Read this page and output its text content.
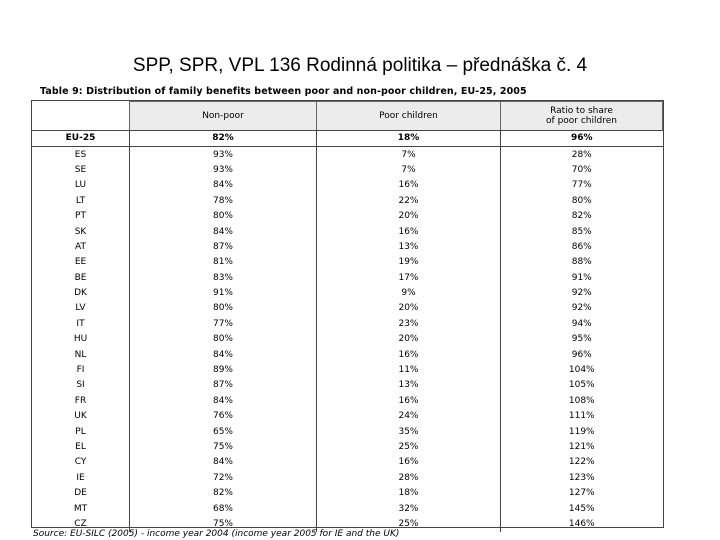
SPP, SPR, VPL 136 Rodinná politika – přednáška č. 4
Table 9: Distribution of family benefits between poor and non-poor children, EU-25, 2005
	Non-poor	Poor children	Ratio to share
of poor children
EU-25	82%	18%	96%
ES	93%	7%	28%
SE	93%	7%	70%
LU	84%	16%	77%
LT	78%	22%	80%
PT	80%	20%	82%
SK	84%	16%	85%
AT	87%	13%	86%
EE	81%	19%	88%
BE	83%	17%	91%
DK	91%	9%	92%
LV	80%	20%	92%
IT	77%	23%	94%
HU	80%	20%	95%
NL	84%	16%	96%
FI	89%	11%	104%
SI	87%	13%	105%
FR	84%	16%	108%
UK	76%	24%	111%
PL	65%	35%	119%
EL	75%	25%	121%
CY	84%	16%	122%
IE	72%	28%	123%
DE	82%	18%	127%
MT	68%	32%	145%
CZ	75%	25%	146%
Source: EU-SILC (2005) - income year 2004 (income year 2005 for IE and the UK)
